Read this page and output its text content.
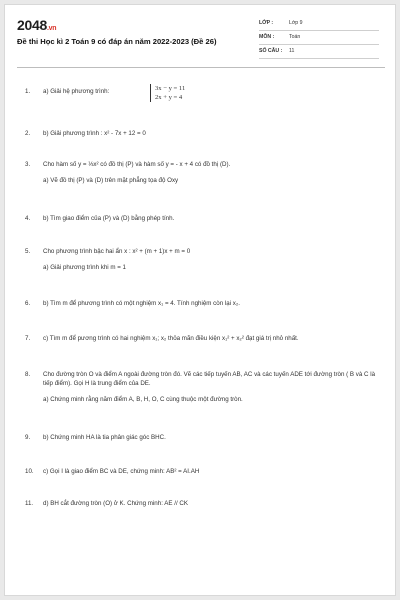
2048.vn
Đề thi Học kì 2 Toán 9 có đáp án năm 2022-2023 (Đề 26)
LỚP :	Lớp 9
MÔN :	Toán
SỐ CÂU : 11
1.	a) Giải hệ phương trình:	3x − y = 11
2x + y = 4
2.	b) Giải phương trình : x² - 7x + 12 = 0
3.	Cho hàm số y = ⅓x² có đồ thị (P) và hàm số y = - x + 4 có đồ thị (D).
a) Vẽ đồ thị (P) và (D) trên mặt phẳng tọa độ Oxy
4.	b) Tìm giao điểm của (P) và (D) bằng phép tính.
5.	Cho phương trình bậc hai ẩn x : x² + (m + 1)x + m = 0
a) Giải phương trình khi m = 1
6.	b) Tìm m để phương trình có một nghiệm x₁ = 4. Tính nghiệm còn lại x₂.
7.	c) Tìm m để pương trình có hai nghiệm x₁; x₂ thỏa mãn điều kiện x₁² + x₂² đạt giá trị nhỏ nhất.
8.	Cho đường tròn O và điểm A ngoài đường tròn đó. Vẽ các tiếp tuyến AB, AC và các tuyến ADE tới đường tròn ( B và C là tiếp điểm). Gọi H là trung điểm của DE.
a) Chứng minh rằng năm điểm A, B, H, O, C cùng thuộc một đường tròn.
9.	b) Chứng minh HA là tia phân giác góc BHC.
10.	c) Gọi I là giao điểm BC và DE, chứng minh: AB² = AI.AH
11.	d) BH cắt đường tròn (O) ở K. Chứng minh: AE // CK
